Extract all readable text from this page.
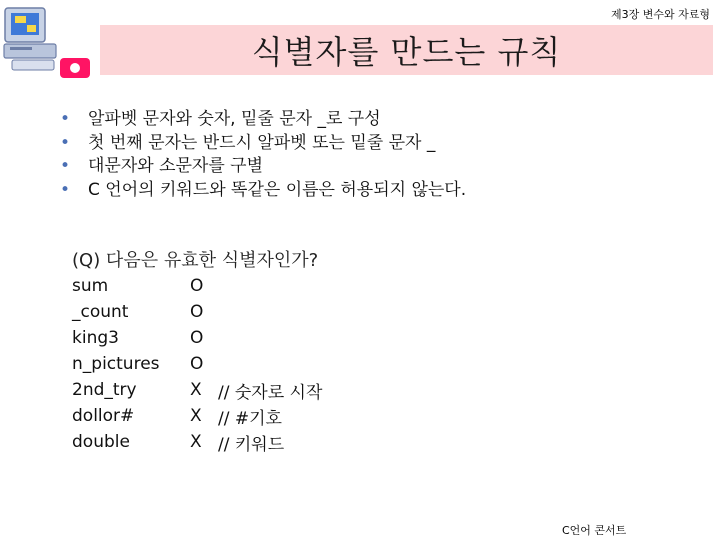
제3장 변수와 자료형
식별자를 만드는 규칙
• 알파벳 문자와 숫자, 밑줄 문자 _로 구성
• 첫 번째 문자는 반드시 알파벳 또는 밑줄 문자 _
• 대문자와 소문자를 구별
• C 언어의 키워드와 똑같은 이름은 허용되지 않는다.
(Q) 다음은 유효한 식별자인가?
sum	O	
_count	O	
king3	O	
n_pictures	O	
2nd_try	X	// 숫자로 시작
dollor#	X	// #기호
double	X	// 키워드
C언어 콘서트
